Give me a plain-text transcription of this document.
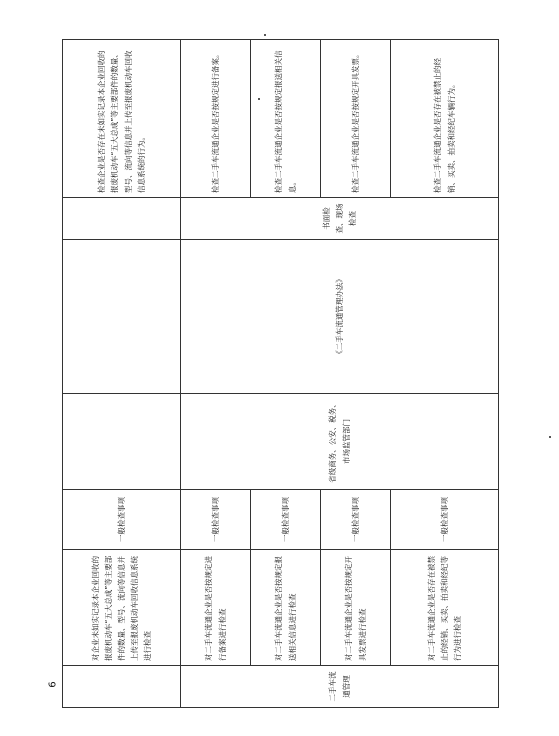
6
	对企业未如实记录本企业回收的报废机动车“五大总成”等主要部件的数量、型号、流向等信息并上传至报废机动车回收信息系统进行检查	一般检查事项				检查企业是否存在未如实记录本企业回收的报废机动车“五大总成”等主要部件的数量、型号、流向等信息并上传至报废机动车回收信息系统的行为。
二手车流通管理	对二手车流通企业是否按规定进行备案进行检查	一般检查事项	省级商务、公安、税务、市场监管部门	《二手车流通管理办法》	书面检查、现场检查	检查二手车流通企业是否按规定进行备案。
	对二手车流通企业是否按规定报送相关信息进行检查	一般检查事项				检查二手车流通企业是否按规定报送相关信息。
	对二手车流通企业是否按规定开具发票进行检查	一般检查事项				检查二手车流通企业是否按规定开具发票。
	对二手车流通企业是否存在被禁止的经销、买卖、拍卖和经纪等行为进行检查	一般检查事项				检查二手车流通企业是否存在被禁止的经销、买卖、拍卖和经纪车辆行为。
